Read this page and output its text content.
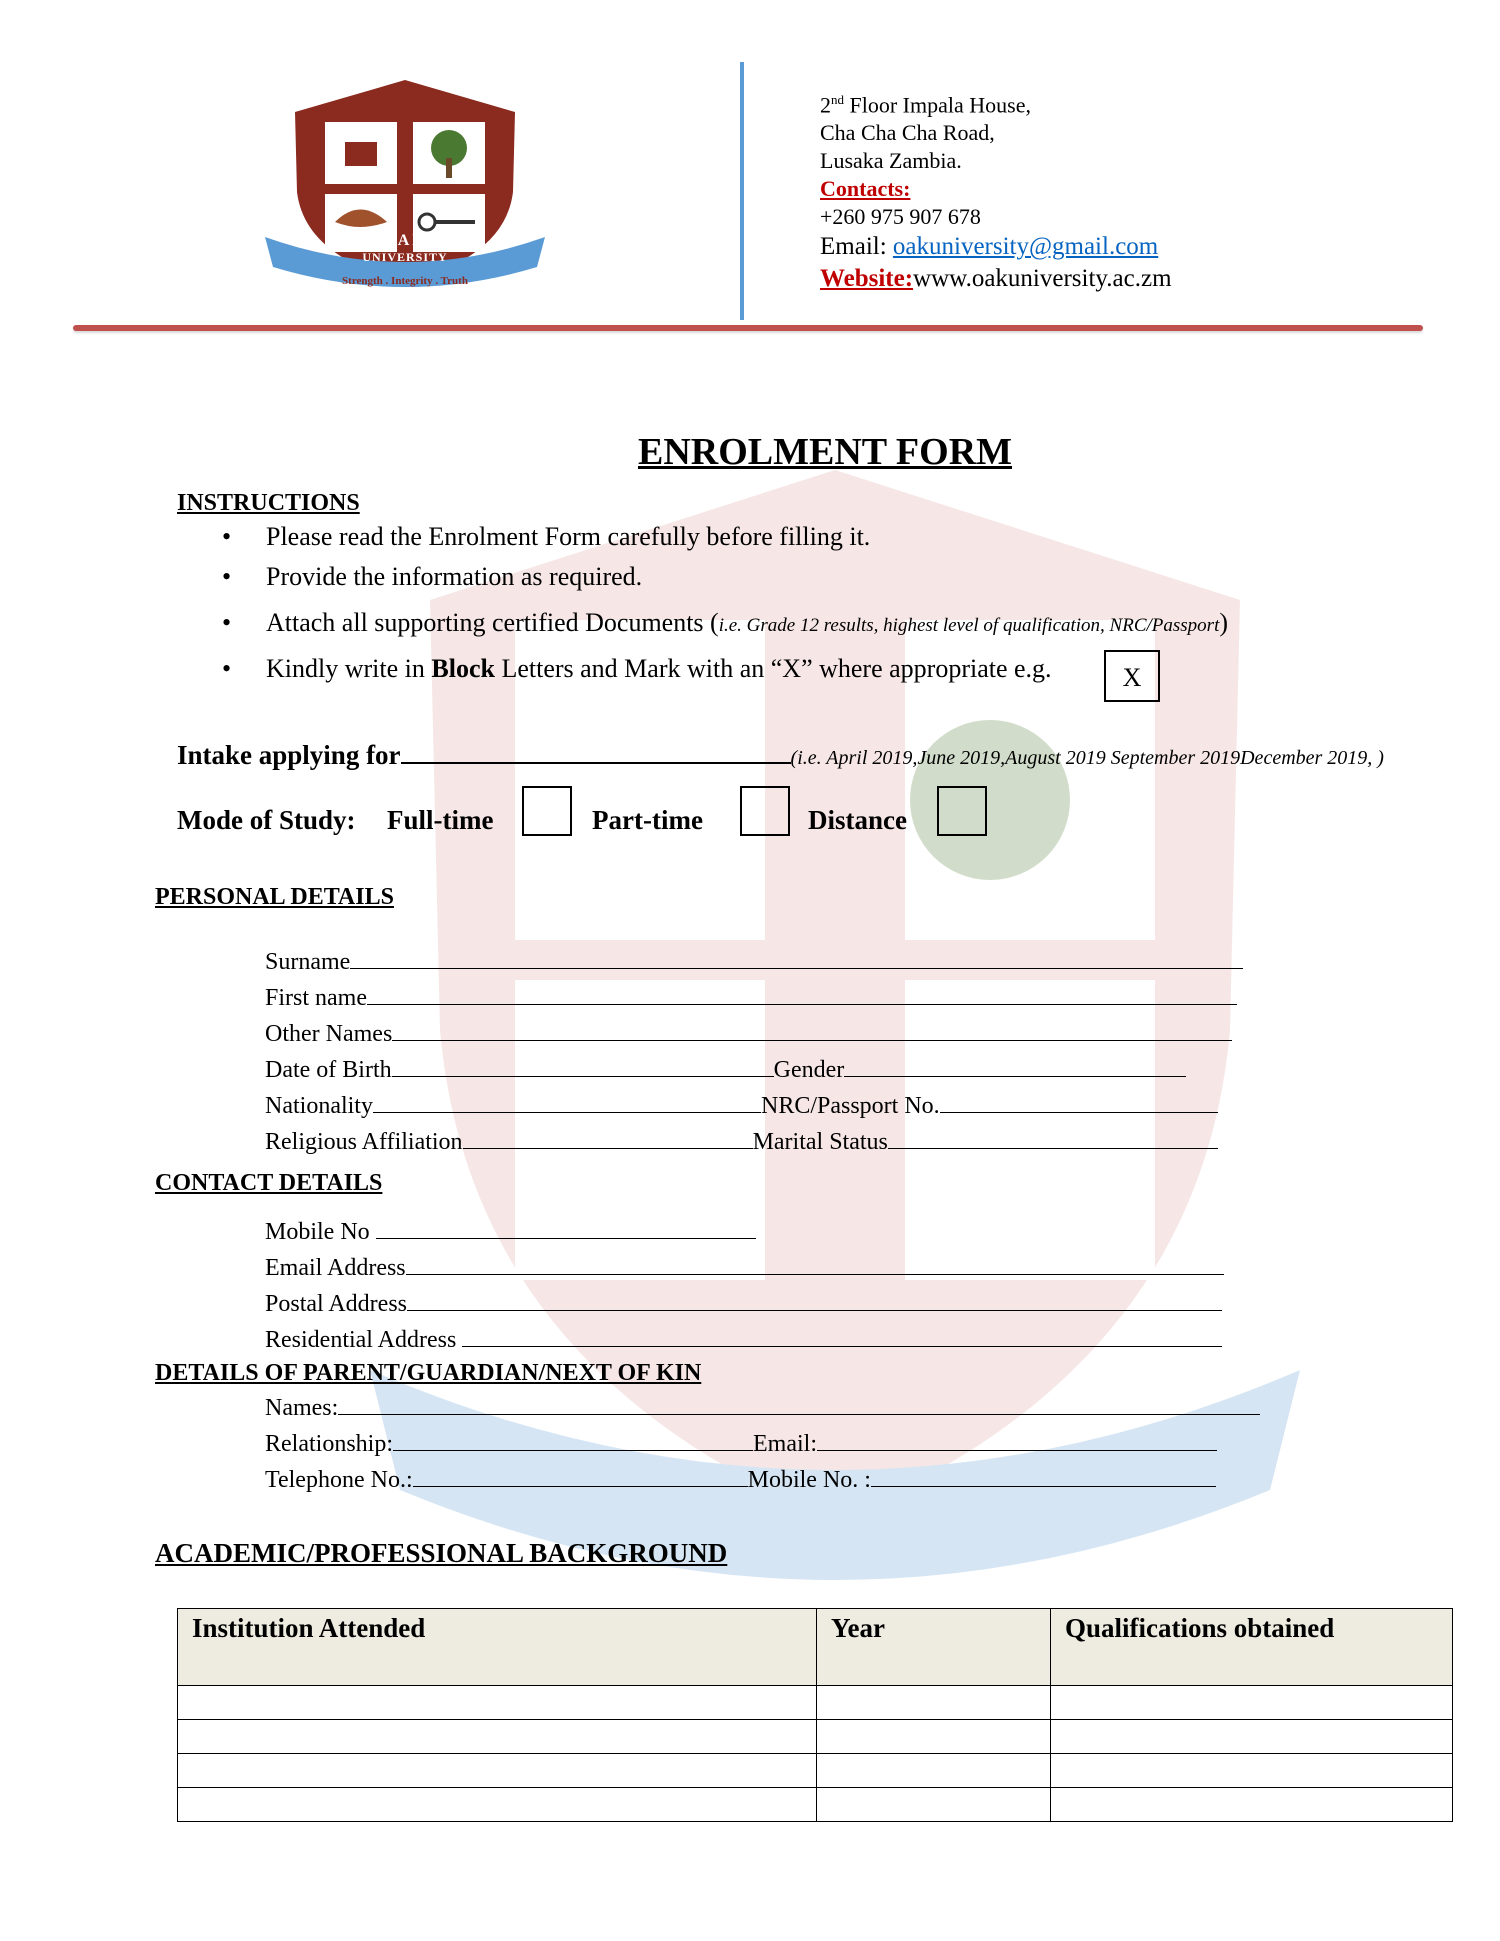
OAK
UNIVERSITY
Strength . Integrity . Truth
2nd Floor Impala House,
Cha Cha Cha Road,
Lusaka Zambia.
Contacts:
+260 975 907 678
Email: oakuniversity@gmail.com
Website:www.oakuniversity.ac.zm
ENROLMENT FORM
INSTRUCTIONS
• Please read the Enrolment Form carefully before filling it.
• Provide the information as required.
• Attach all supporting certified Documents (i.e. Grade 12 results, highest level of qualification, NRC/Passport)
• Kindly write in Block Letters and Mark with an “X” where appropriate e.g.	X
Intake applying for	(i.e. April 2019,June 2019,August 2019 September 2019December 2019, )
Mode of Study: Full-time	Part-time	Distance
PERSONAL DETAILS
Surname
First name
Other Names
Date of Birth	Gender
Nationality	NRC/Passport No.
Religious Affiliation	Marital Status
CONTACT DETAILS
Mobile No
Email Address
Postal Address
Residential Address
DETAILS OF PARENT/GUARDIAN/NEXT OF KIN
Names:
Relationship:	Email:
Telephone No.:	Mobile No. :
ACADEMIC/PROFESSIONAL BACKGROUND
Institution Attended	Year	Qualifications obtained
